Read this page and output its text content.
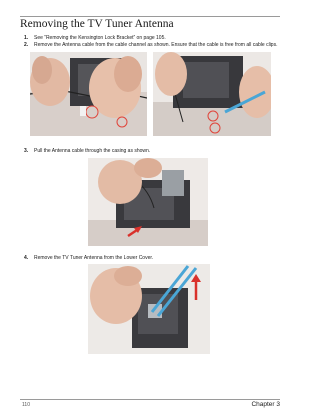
Removing the TV Tuner Antenna
1. See “Removing the Kensington Lock Bracket” on page 105.
2. Remove the Antenna cable from the cable channel as shown. Ensure that the cable is free from all cable clips.
3. Pull the Antenna cable through the casing as shown.
4. Remove the TV Tuner Antenna from the Lower Cover.
110	Chapter 3
